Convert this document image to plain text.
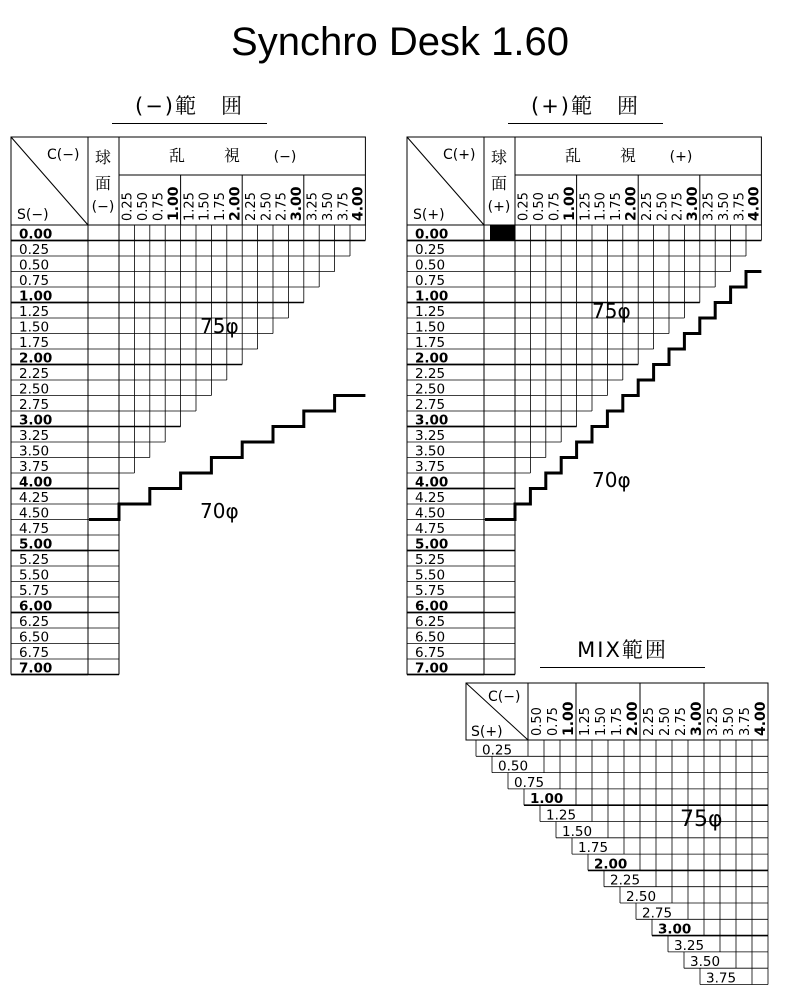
Synchro Desk 1.60
(−)範　囲	(+)範　囲
MIX範囲
C(−)
S(−)
球
面
(−)
乱 視 (−)
0.25 0.50 0.75 1.00 1.25 1.50 1.75 2.00 2.25 2.50 2.75 3.00 3.25 3.50 3.75 4.00
0.00
0.25
0.50
0.75
1.00
1.25
1.50
1.75
2.00
2.25
2.50
2.75
3.00
3.25
3.50
3.75
4.00
4.25
4.50
4.75
5.00
5.25
5.50
5.75
6.00
6.25
6.50
6.75
7.00
75φ
70φ
C(+)
S(+)
球
面
(+)
乱 視 (+)
0.25 0.50 0.75 1.00 1.25 1.50 1.75 2.00 2.25 2.50 2.75 3.00 3.25 3.50 3.75 4.00
0.00
0.25
0.50
0.75
1.00
1.25
1.50
1.75
2.00
2.25
2.50
2.75
3.00
3.25
3.50
3.75
4.00
4.25
4.50
4.75
5.00
5.25
5.50
5.75
6.00
6.25
6.50
6.75
7.00
75φ
70φ
C(−)
S(+) 0.50 0.75 1.00 1.25 1.50 1.75 2.00 2.25 2.50 2.75 3.00 3.25 3.50 3.75 4.00
0.25
0.50
0.75
1.00
1.25
1.50
1.75
2.00
2.25
2.50
2.75
3.00
3.25
3.50
3.75
75φ
